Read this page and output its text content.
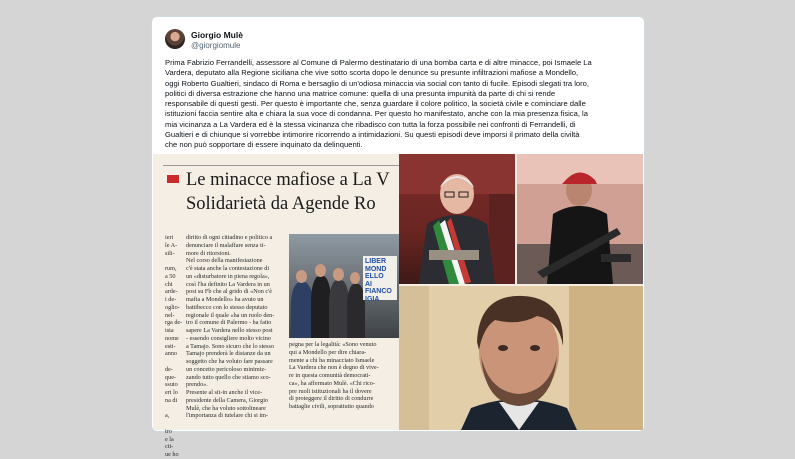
Giorgio Mulè
@giorgiomule

Prima Fabrizio Ferrandelli, assessore al Comune di Palermo destinatario di una bomba carta e di altre minacce, poi Ismaele La

Vardera, deputato alla Regione siciliana che vive sotto scorta dopo le denunce su presunte infiltrazioni mafiose a Mondello,

oggi Roberto Gualtieri, sindaco di Roma e bersaglio di un'odiosa minaccia via social con tanto di fucile. Episodi slegati tra loro,

politici di diversa estrazione che hanno una matrice comune: quella di una presunta impunità da parte di chi si rende

responsabile di questi gesti. Per questo è importante che, senza guardare il colore politico, la società civile e cominciare dalle

istituzioni faccia sentire alta e chiara la sua voce di condanna. Per questo ho manifestato, anche con la mia presenza fisica, la

mia vicinanza a La Vardera ed è la stessa vicinanza che ribadisco con tutta la forza possibile nei confronti di Ferrandelli, di

Gualtieri e di chiunque si vorrebbe intimorire ricorrendo a intimidazioni. Su questi episodi deve imporsi il primato della civiltà

che non può sopportare di essere inquinato da delinquenti.

Le minacce mafiose a La V
Solidarietà da Agende Ro
ieri
le A-
sili-

rum,
a 50
chi
arde-
i de-
oglio-
nel-
rga de-
ista
nome
esti-
anno

de-
que-
ssuto
eri lo
na di

a,

tro
e la
cit-
ue ho
diritto di ogni cittadino e politico a
denunciare il malaffare senza ti-
more di ritorsioni.
Nel corso della manifestazione
c'è stata anche la contestazione di
un «disturbatore in piena regola»,
così l'ha definito La Vardera in un
post su Fb che al grido di «Non c'è
mafia a Mondello» ha avuto un
battibecco con lo stesso deputato
regionale il quale «ha un ruolo den-
tro il comune di Palermo - ha fatto
sapere La Vardera nello stesso post
- essendo consigliere molto vicino
a Tamajo. Sono sicuro che lo stesso
Tamajo prenderà le distanze da un
soggetto che ha voluto fare passare
un concetto pericoloso minimiz-
zando tutto quello che stiamo sco-
prendo».
Presente al sit-in anche il vice-
presidente della Camera, Giorgio
Mulè, che ha voluto sottolineare
l'importanza di tutelare chi si im-
LIBER
MOND
ELLO
AI
FIANCO
IGIA
pegna per la legalità: «Sono venuto
qui a Mondello per dire chiara-
mente a chi ha minacciato Ismaele
La Vardera che non è degno di vive-
re in questa comunità democrati-
ca», ha affermato Mulè. «Chi rico-
pre ruoli istituzionali ha il dovere
di proteggere il diritto di condurre
battaglie civili, soprattutto quando
